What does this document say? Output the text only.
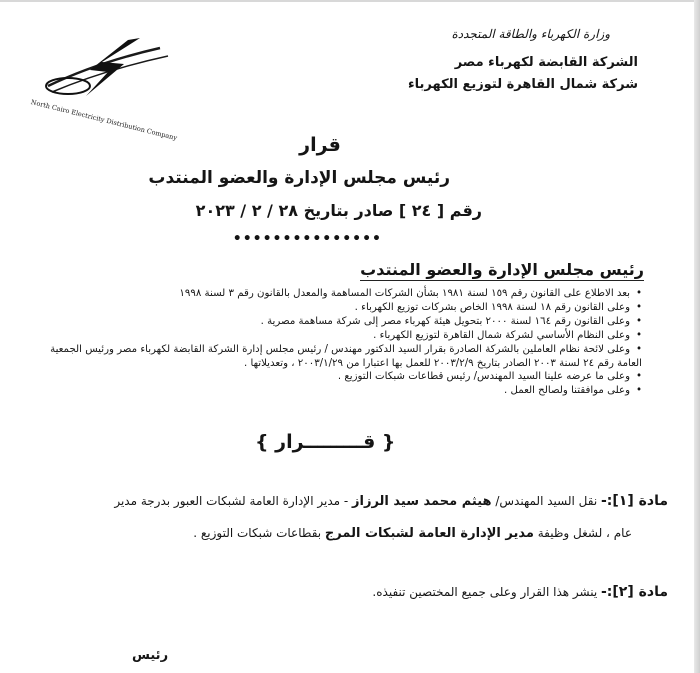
North Cairo Electricity Distribution Company
وزارة الكهرباء والطاقة المتجددة
الشركة القابضة لكهرباء مصر
شركة شمال القاهرة لتوزيع الكهرباء
قرار
رئيس مجلس الإدارة والعضو المنتدب
رقم [ ٢٤ ] صادر بتاريخ ٢٨ / ٢ / ٢٠٢٣
•••••••••••••••
رئيس مجلس الإدارة والعضو المنتدب
•
بعد الاطلاع على القانون رقم ١٥٩ لسنة ١٩٨١ بشأن الشركات المساهمة والمعدل بالقانون رقم ٣ لسنة ١٩٩٨
•
وعلى القانون رقم ١٨ لسنة ١٩٩٨ الخاص بشركات توزيع الكهرباء .
•
وعلى القانون رقم ١٦٤ لسنة ٢٠٠٠ بتحويل هيئة كهرباء مصر إلى شركة مساهمة مصرية .
•
وعلى النظام الأساسي لشركة شمال القاهرة لتوزيع الكهرباء .
•
وعلى لائحة نظام العاملين بالشركة الصادرة بقرار السيد الدكتور مهندس / رئيس مجلس إدارة الشركة القابضة لكهرباء مصر ورئيس الجمعية
العامة رقم ٢٤ لسنة ٢٠٠٣ الصادر بتاريخ ٢٠٠٣/٢/٩ للعمل بها اعتبارا من ٢٠٠٣/١/٢٩ ، وتعديلاتها .
•
وعلى ما عرضه علينا السيد المهندس/ رئيس قطاعات شبكات التوزيع .
•
وعلى موافقتنا ولصالح العمل .
{ قـــــــــرار }
مادة [١]:- نقل السيد المهندس/ هيثم محمد سيد الرزاز - مدير الإدارة العامة لشبكات العبور بدرجة مدير
عام ، لشغل وظيفة مدير الإدارة العامة لشبكات المرج بقطاعات شبكات التوزيع .
مادة [٢]:- ينشر هذا القرار وعلى جميع المختصين تنفيذه.
رئيس
